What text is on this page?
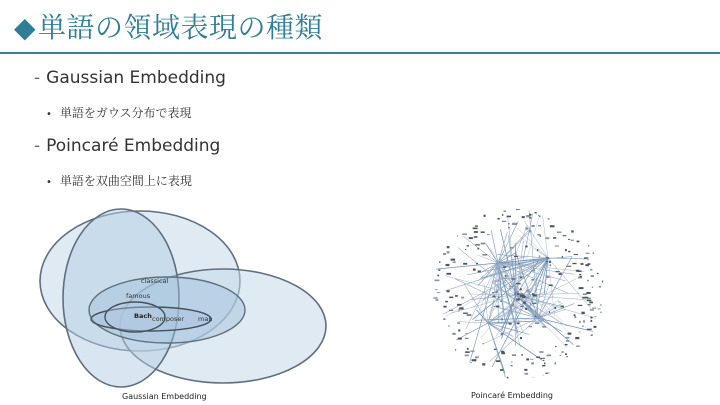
◆単語の領域表現の種類
- Gaussian Embedding
• 単語をガウス分布で表現
- Poincaré Embedding
• 単語を双曲空間上に表現
classical
famous
Bach composer man
Gaussian Embedding	Poincaré Embedding
